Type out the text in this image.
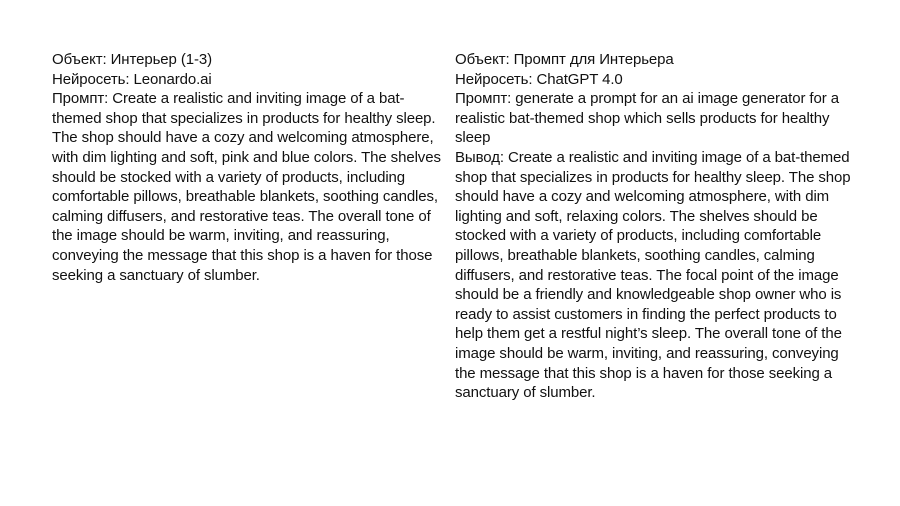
Объект: Интерьер (1-3)
Нейросеть: Leonardo.ai
Промпт: Create a realistic and inviting image of a bat-themed shop that specializes in products for healthy sleep. The shop should have a cozy and welcoming atmosphere, with dim lighting and soft, pink and blue colors. The shelves should be stocked with a variety of products, including comfortable pillows, breathable blankets, soothing candles, calming diffusers, and restorative teas. The overall tone of the image should be warm, inviting, and reassuring, conveying the message that this shop is a haven for those seeking a sanctuary of slumber.
Объект: Промпт для Интерьера
Нейросеть: ChatGPT 4.0
Промпт: generate a prompt for an ai image generator for a realistic bat-themed shop which sells products for healthy sleep
Вывод: Create a realistic and inviting image of a bat-themed shop that specializes in products for healthy sleep. The shop should have a cozy and welcoming atmosphere, with dim lighting and soft, relaxing colors. The shelves should be stocked with a variety of products, including comfortable pillows, breathable blankets, soothing candles, calming diffusers, and restorative teas. The focal point of the image should be a friendly and knowledgeable shop owner who is ready to assist customers in finding the perfect products to help them get a restful night’s sleep. The overall tone of the image should be warm, inviting, and reassuring, conveying the message that this shop is a haven for those seeking a sanctuary of slumber.
